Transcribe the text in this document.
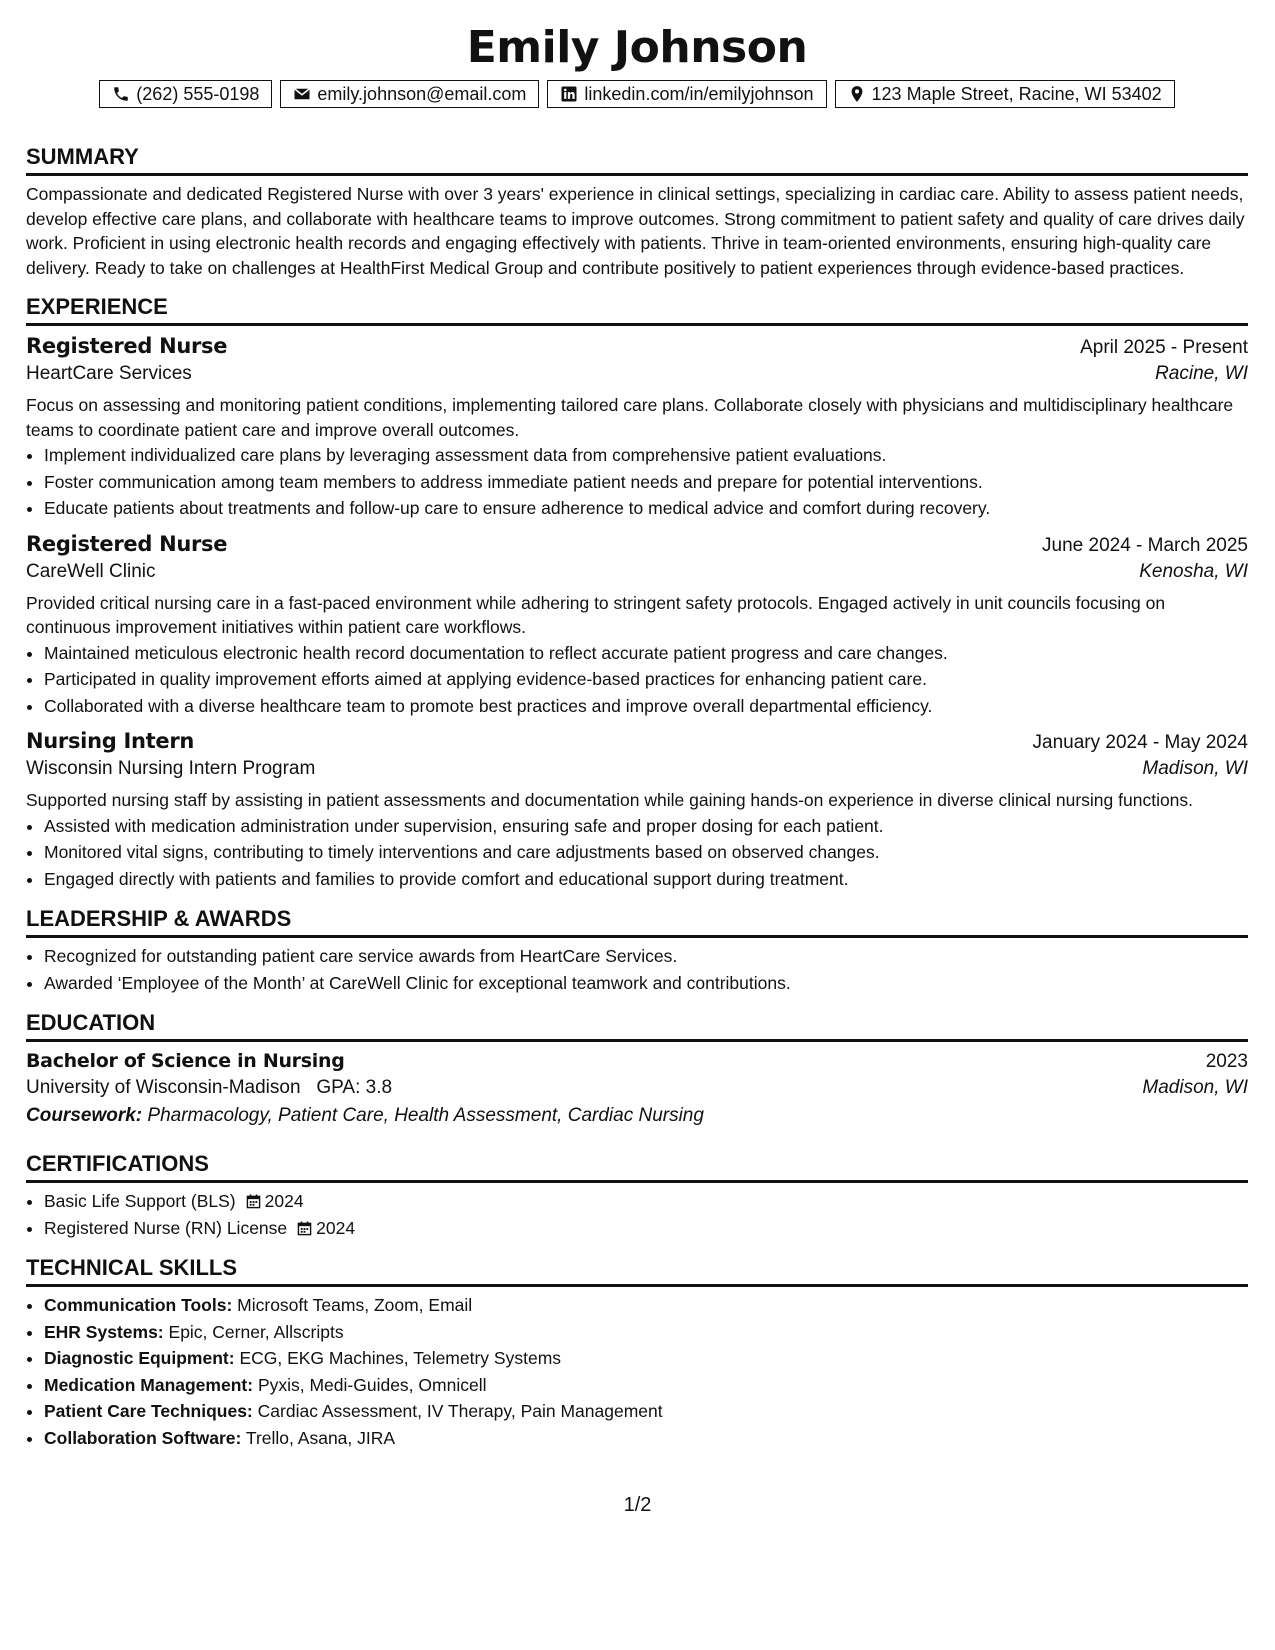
Emily Johnson
(262) 555-0198	emily.johnson@email.com	linkedin.com/in/emilyjohnson	123 Maple Street, Racine, WI 53402
SUMMARY
Compassionate and dedicated Registered Nurse with over 3 years' experience in clinical settings, specializing in cardiac care. Ability to assess patient needs, develop effective care plans, and collaborate with healthcare teams to improve outcomes. Strong commitment to patient safety and quality of care drives daily work. Proficient in using electronic health records and engaging effectively with patients. Thrive in team-oriented environments, ensuring high-quality care delivery. Ready to take on challenges at HealthFirst Medical Group and contribute positively to patient experiences through evidence-based practices.
EXPERIENCE
Registered Nurse	April 2025 - Present
HeartCare Services	Racine, WI
Focus on assessing and monitoring patient conditions, implementing tailored care plans. Collaborate closely with physicians and multidisciplinary healthcare teams to coordinate patient care and improve overall outcomes.
• Implement individualized care plans by leveraging assessment data from comprehensive patient evaluations.
• Foster communication among team members to address immediate patient needs and prepare for potential interventions.
• Educate patients about treatments and follow-up care to ensure adherence to medical advice and comfort during recovery.
Registered Nurse	June 2024 - March 2025
CareWell Clinic	Kenosha, WI
Provided critical nursing care in a fast-paced environment while adhering to stringent safety protocols. Engaged actively in unit councils focusing on continuous improvement initiatives within patient care workflows.
• Maintained meticulous electronic health record documentation to reflect accurate patient progress and care changes.
• Participated in quality improvement efforts aimed at applying evidence-based practices for enhancing patient care.
• Collaborated with a diverse healthcare team to promote best practices and improve overall departmental efficiency.
Nursing Intern	January 2024 - May 2024
Wisconsin Nursing Intern Program	Madison, WI
Supported nursing staff by assisting in patient assessments and documentation while gaining hands-on experience in diverse clinical nursing functions.
• Assisted with medication administration under supervision, ensuring safe and proper dosing for each patient.
• Monitored vital signs, contributing to timely interventions and care adjustments based on observed changes.
• Engaged directly with patients and families to provide comfort and educational support during treatment.
LEADERSHIP & AWARDS
• Recognized for outstanding patient care service awards from HeartCare Services.
• Awarded ‘Employee of the Month’ at CareWell Clinic for exceptional teamwork and contributions.
EDUCATION
Bachelor of Science in Nursing	2023
University of Wisconsin-Madison GPA: 3.8	Madison, WI
Coursework: Pharmacology, Patient Care, Health Assessment, Cardiac Nursing
CERTIFICATIONS
• Basic Life Support (BLS) 2024
• Registered Nurse (RN) License 2024
TECHNICAL SKILLS
• Communication Tools: Microsoft Teams, Zoom, Email
• EHR Systems: Epic, Cerner, Allscripts
• Diagnostic Equipment: ECG, EKG Machines, Telemetry Systems
• Medication Management: Pyxis, Medi-Guides, Omnicell
• Patient Care Techniques: Cardiac Assessment, IV Therapy, Pain Management
• Collaboration Software: Trello, Asana, JIRA
1/2
